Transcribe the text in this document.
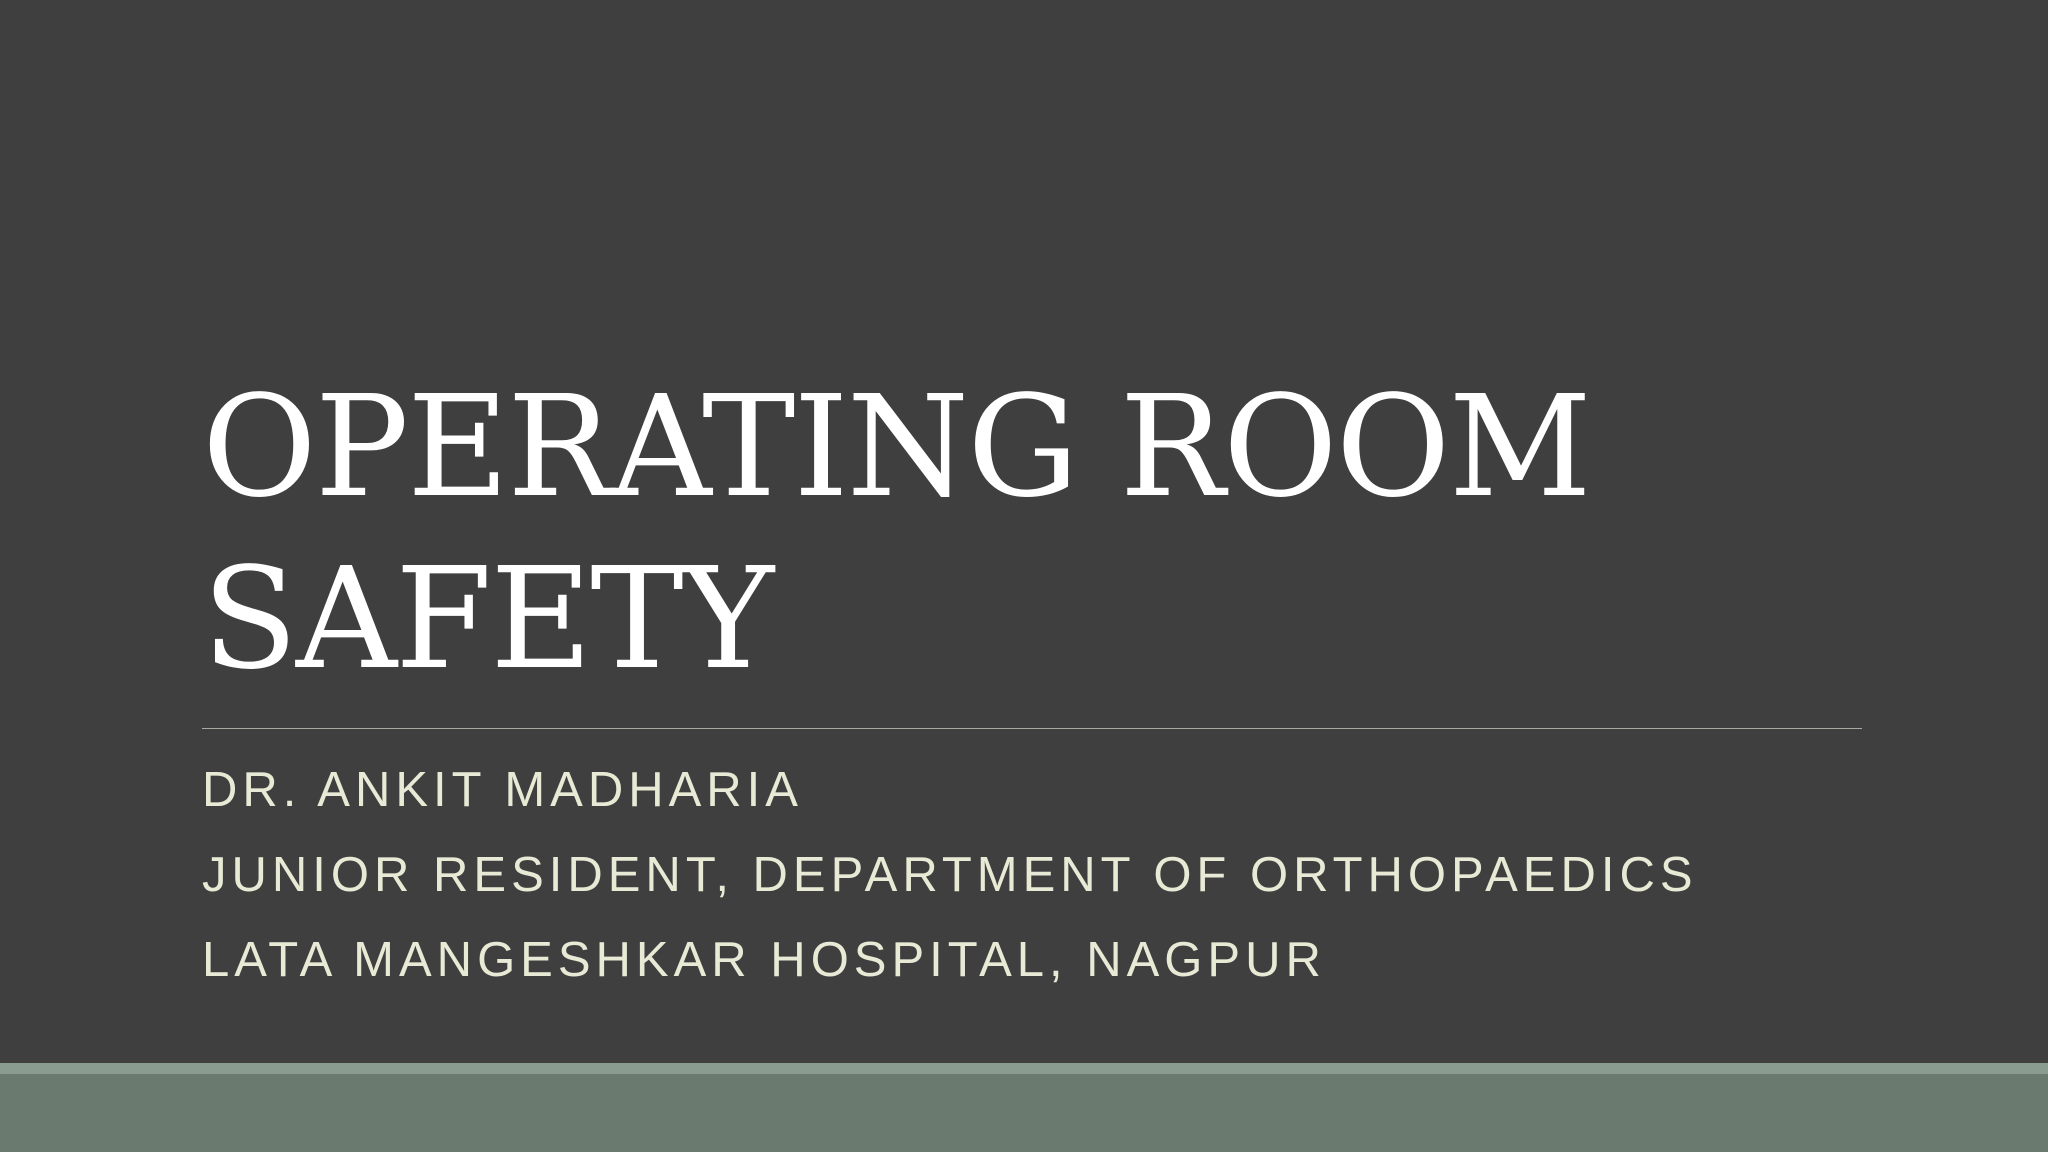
OPERATING ROOM
SAFETY
DR. ANKIT MADHARIA
JUNIOR RESIDENT, DEPARTMENT OF ORTHOPAEDICS
LATA MANGESHKAR HOSPITAL, NAGPUR
